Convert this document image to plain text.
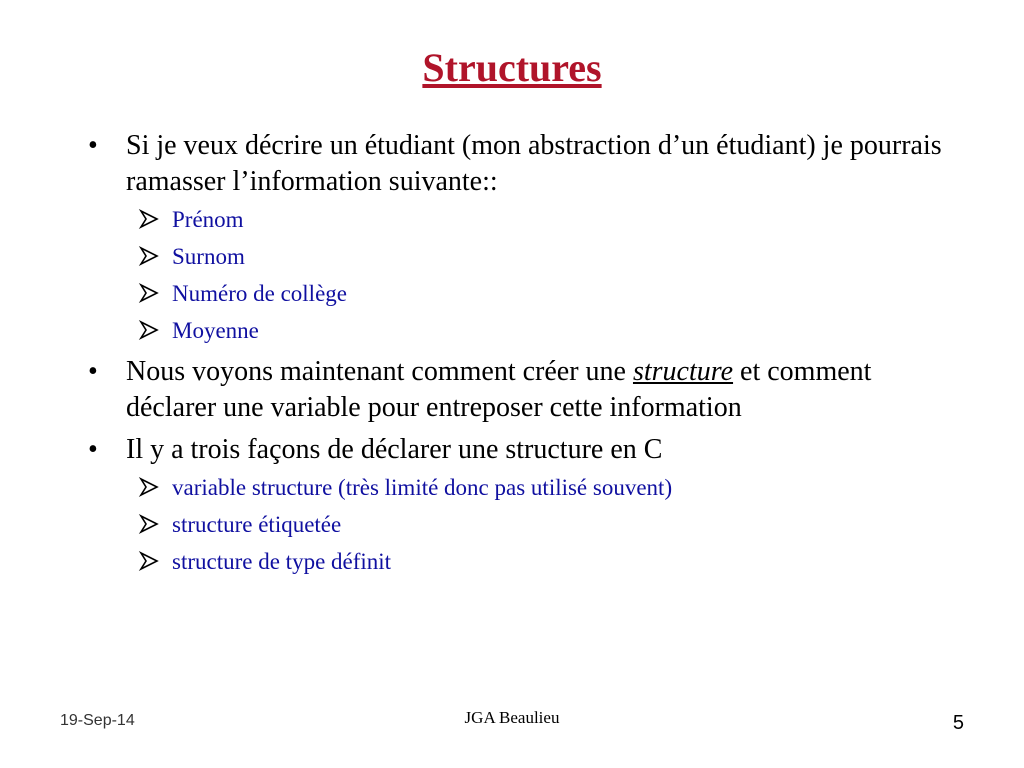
Structures
• Si je veux décrire un étudiant (mon abstraction d’un étudiant) je pourrais ramasser l’information suivante::
Prénom
Surnom
Numéro de collège
Moyenne
• Nous voyons maintenant comment créer une structure et comment déclarer une variable pour entreposer cette information
• Il y a trois façons de déclarer une structure en C
variable structure (très limité donc pas utilisé souvent)
structure étiquetée
structure de type définit
19-Sep-14	JGA Beaulieu	5
